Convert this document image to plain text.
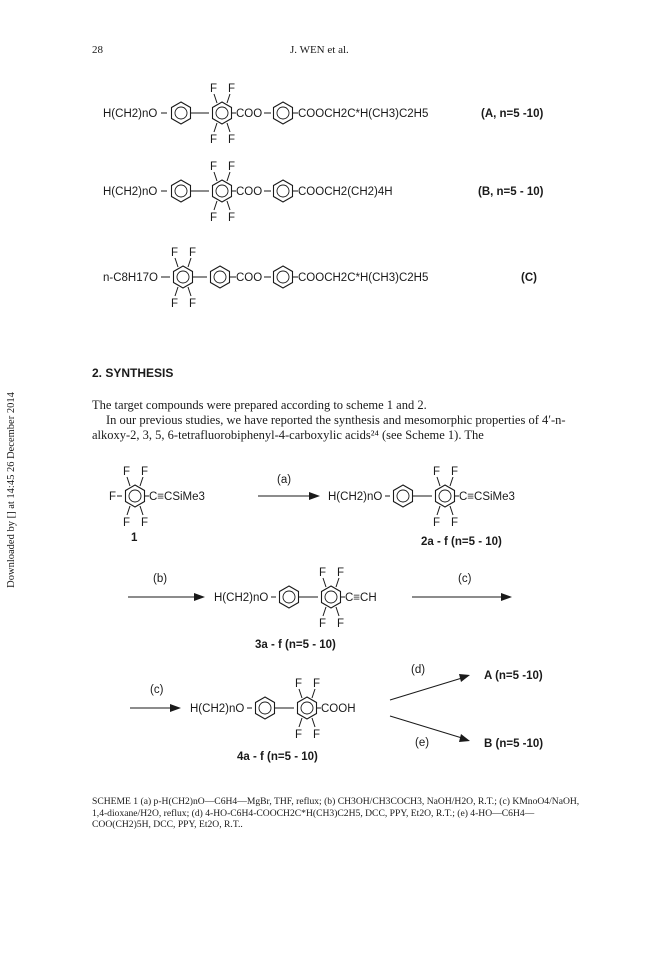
28	J. WEN et al.
Downloaded by [] at 14:45 26 December 2014
F
H(CH2)nO	COO	COOCH2C*H(CH3)C2H5	(A, n=5 -10)
H(CH2)nO	COO	COOCH2(CH2)4H	(B, n=5 - 10)
n-C8H17O	COO	COOCH2C*H(CH3)C2H5	(C)
F	C≡CSiMe3
1
(a)
H(CH2)nO	C≡CSiMe3
2a - f (n=5 - 10)
(b)
H(CH2)nO	C≡CH
(c)
3a - f (n=5 - 10)
(c)
H(CH2)nO	COOH
4a - f (n=5 - 10)
(d)
(e)
A (n=5 -10)
B (n=5 -10)
2. SYNTHESIS

The target compounds were prepared according to scheme 1 and 2.

In our previous studies, we have reported the synthesis and mesomorphic properties of 4′-n-alkoxy-2, 3, 5, 6-tetrafluorobiphenyl-4-carboxylic acids²⁴ (see Scheme 1). The

SCHEME 1 (a) p-H(CH2)nO—C6H4—MgBr, THF, reflux; (b) CH3OH/CH3COCH3, NaOH/H2O, R.T.; (c) KMnoO4/NaOH, 1,4-dioxane/H2O, reflux; (d) 4-HO-C6H4-COOCH2C*H(CH3)C2H5, DCC, PPY, Et2O, R.T.; (e) 4-HO—C6H4—COO(CH2)5H, DCC, PPY, Et2O, R.T..
